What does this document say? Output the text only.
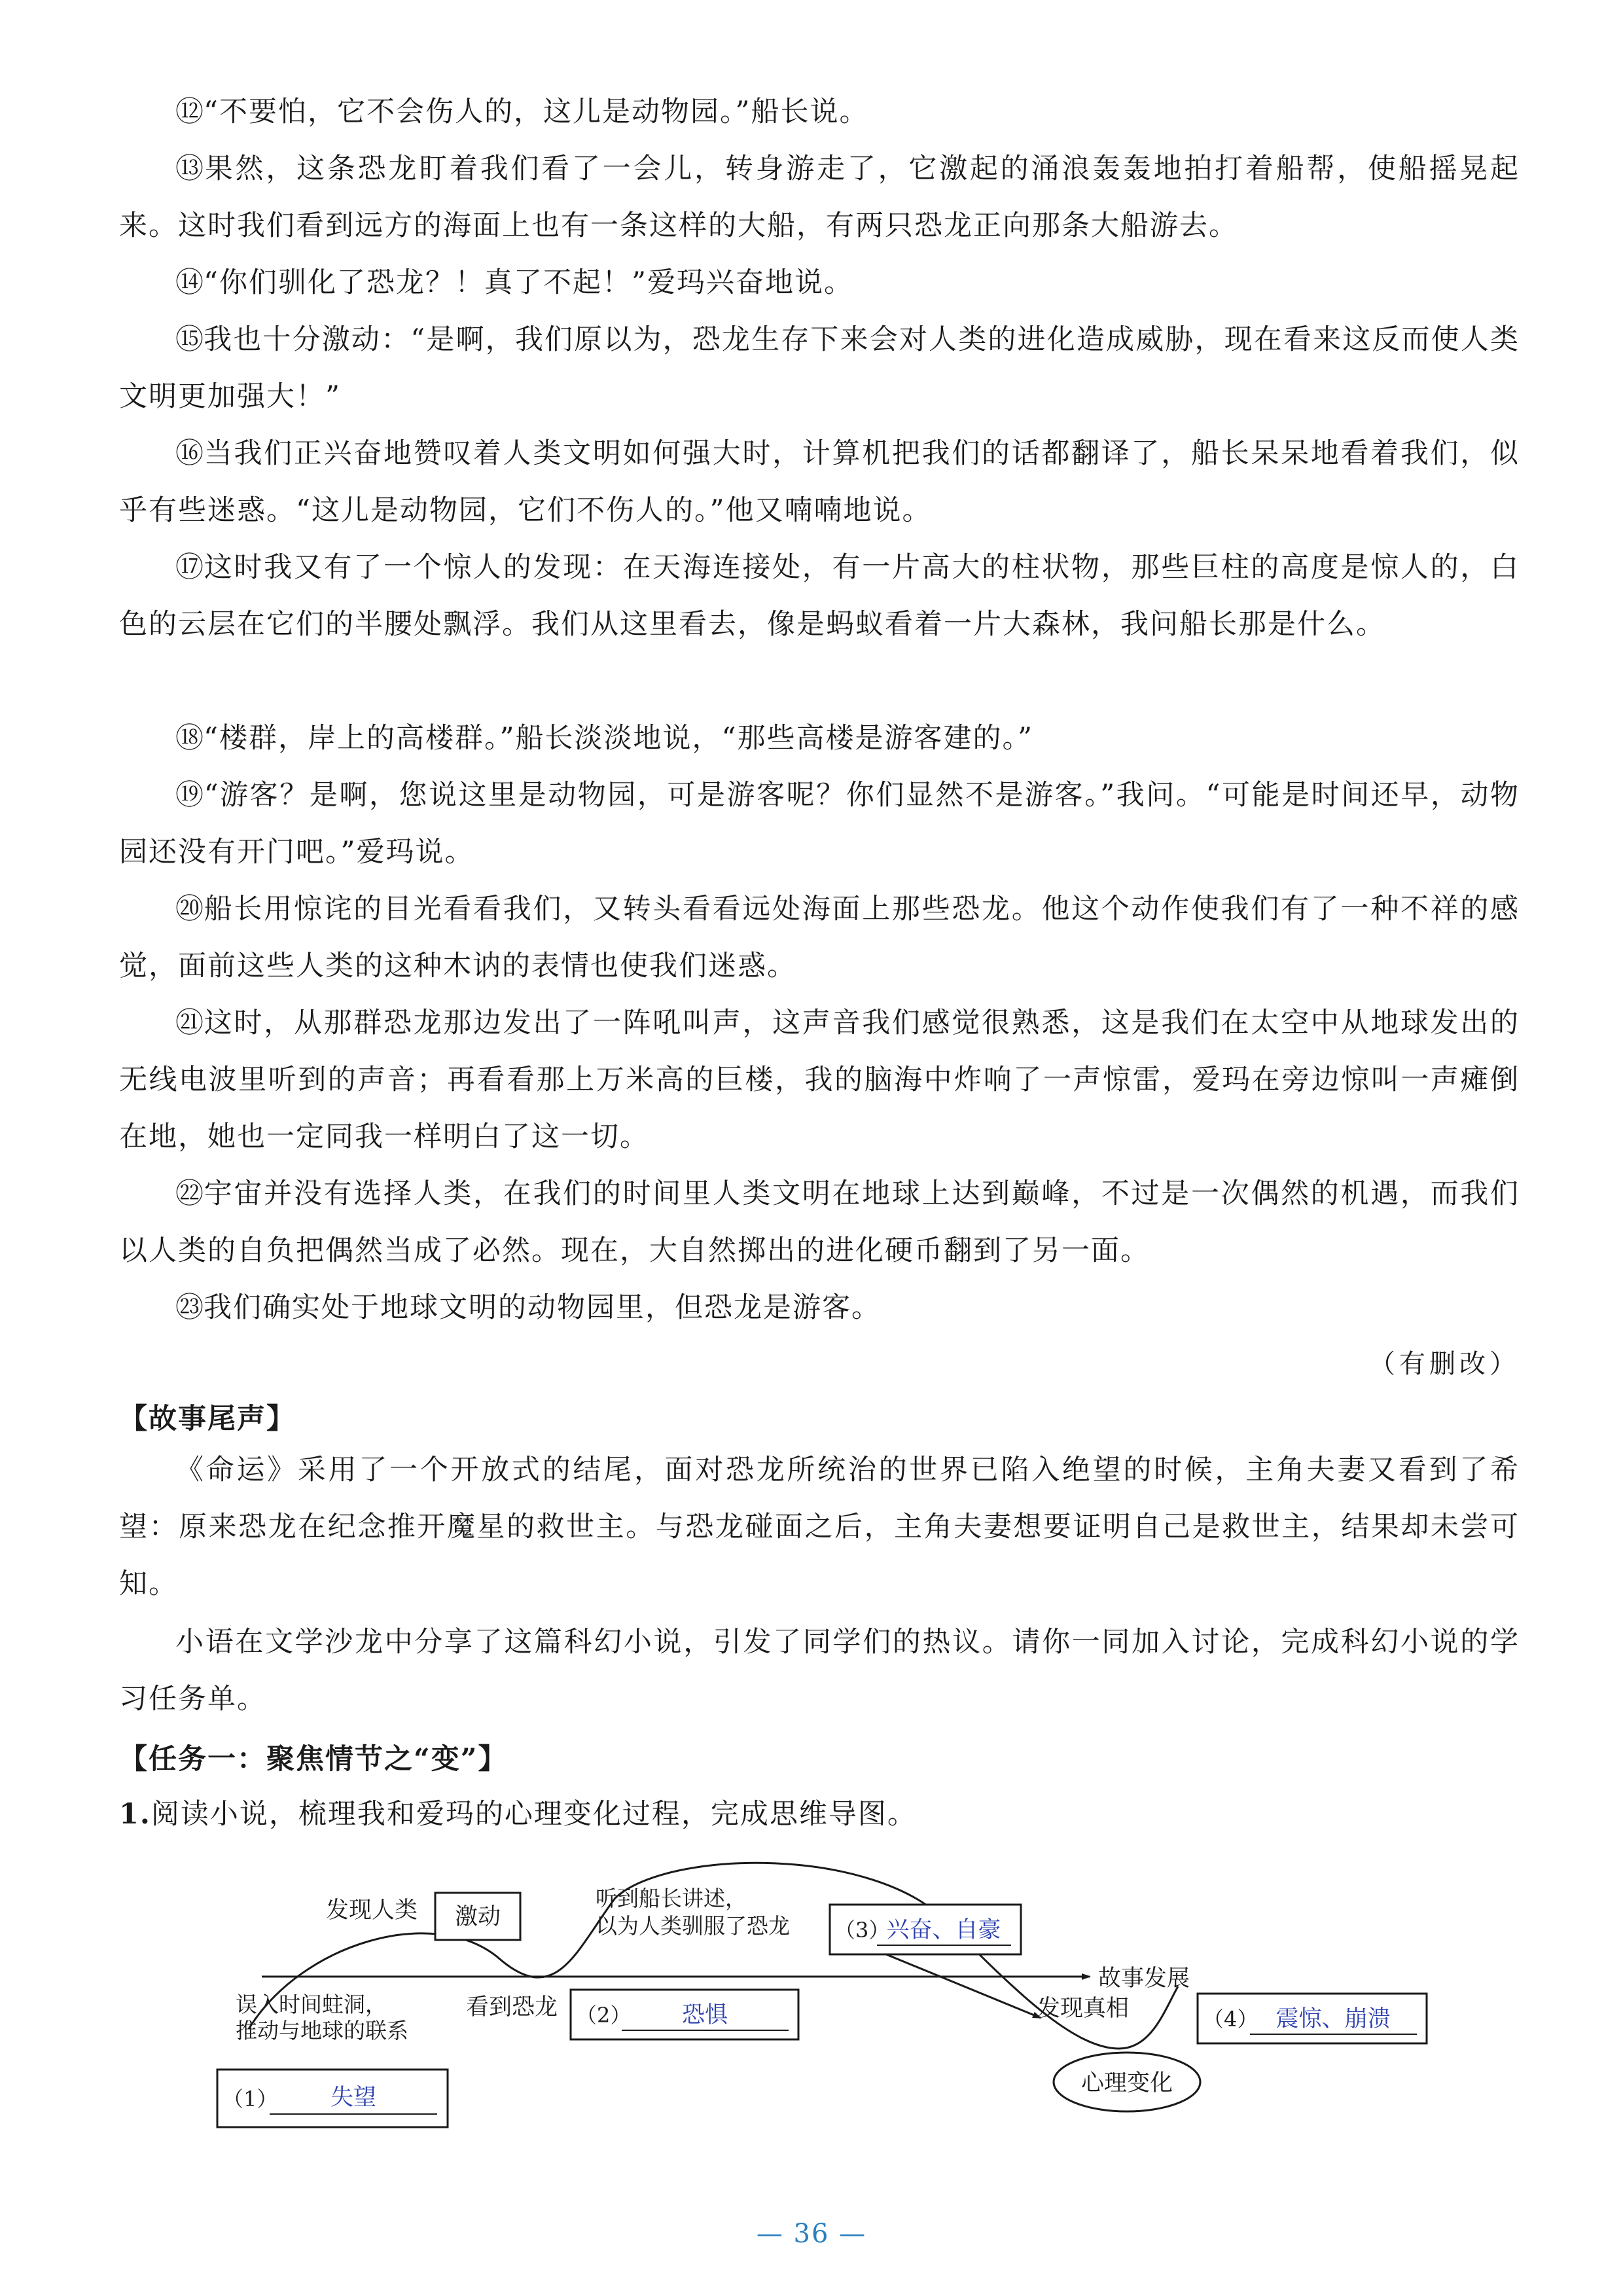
⑫“不要怕，它不会伤人的，这儿是动物园。”船长说。

⑬果然，这条恐龙盯着我们看了一会儿，转身游走了，它激起的涌浪轰轰地拍打着船帮，使船摇晃起来。这时我们看到远方的海面上也有一条这样的大船，有两只恐龙正向那条大船游去。

⑭“你们驯化了恐龙？！真了不起！”爱玛兴奋地说。

⑮我也十分激动：“是啊，我们原以为，恐龙生存下来会对人类的进化造成威胁，现在看来这反而使人类文明更加强大！”

⑯当我们正兴奋地赞叹着人类文明如何强大时，计算机把我们的话都翻译了，船长呆呆地看着我们，似乎有些迷惑。“这儿是动物园，它们不伤人的。”他又喃喃地说。

⑰这时我又有了一个惊人的发现：在天海连接处，有一片高大的柱状物，那些巨柱的高度是惊人的，白色的云层在它们的半腰处飘浮。我们从这里看去，像是蚂蚁看着一片大森林，我问船长那是什么。

⑱“楼群，岸上的高楼群。”船长淡淡地说，“那些高楼是游客建的。”

⑲“游客？是啊，您说这里是动物园，可是游客呢？你们显然不是游客。”我问。“可能是时间还早，动物园还没有开门吧。”爱玛说。

⑳船长用惊诧的目光看看我们，又转头看看远处海面上那些恐龙。他这个动作使我们有了一种不祥的感觉，面前这些人类的这种木讷的表情也使我们迷惑。

㉑这时，从那群恐龙那边发出了一阵吼叫声，这声音我们感觉很熟悉，这是我们在太空中从地球发出的无线电波里听到的声音；再看看那上万米高的巨楼，我的脑海中炸响了一声惊雷，爱玛在旁边惊叫一声瘫倒在地，她也一定同我一样明白了这一切。

㉒宇宙并没有选择人类，在我们的时间里人类文明在地球上达到巅峰，不过是一次偶然的机遇，而我们以人类的自负把偶然当成了必然。现在，大自然掷出的进化硬币翻到了另一面。

㉓我们确实处于地球文明的动物园里，但恐龙是游客。

（有删改）
【故事尾声】

《命运》采用了一个开放式的结尾，面对恐龙所统治的世界已陷入绝望的时候，主角夫妻又看到了希望：原来恐龙在纪念推开魔星的救世主。与恐龙碰面之后，主角夫妻想要证明自己是救世主，结果却未尝可知。

小语在文学沙龙中分享了这篇科幻小说，引发了同学们的热议。请你一同加入讨论，完成科幻小说的学习任务单。

【任务一：聚焦情节之“变”】
1.阅读小说，梳理我和爱玛的心理变化过程，完成思维导图。
发现人类 激动
听到船长讲述，
以为人类驯服了恐龙 （3）
兴奋、自豪
故事发展
误入时间蛀洞，
推动与地球的联系
看到恐龙 （2） 恐惧	发现真相	（4） 震惊、崩溃
（1） 失望
心理变化
— 36 —
